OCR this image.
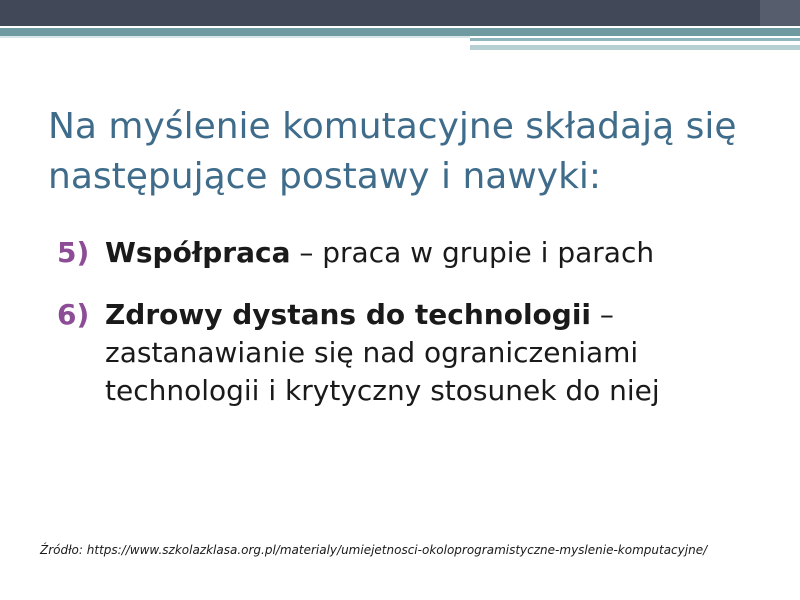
Na myślenie komutacyjne składają się
następujące postawy i nawyki:
5) Współpraca – praca w grupie i parach
6) Zdrowy dystans do technologii – zastanawianie się nad ograniczeniami technologii i krytyczny stosunek do niej
Źródło: https://www.szkolazklasa.org.pl/materialy/umiejetnosci-okoloprogramistyczne-myslenie-komputacyjne/
